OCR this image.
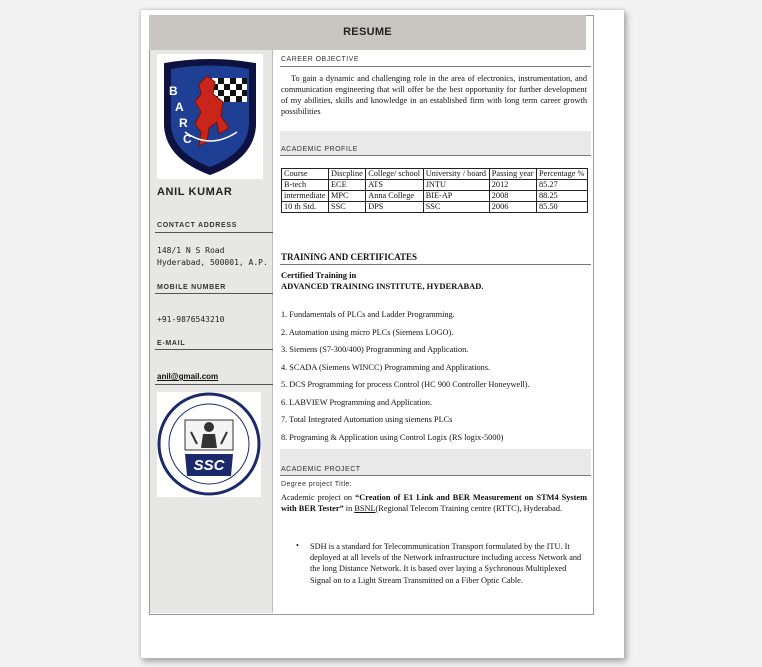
RESUME
B
A
R
C
ANIL KUMAR
CONTACT ADDRESS
148/1 N S Road
Hyderabad, 500001, A.P.
MOBILE NUMBER
+91-9876543210
E-MAIL
anil@gmail.com
SSC
CAREER OBJECTIVE
To gain a dynamic and challenging role in the area of electronics, instrumentation, and communication engineering that will offer be the best opportunity for further development of my abilities, skills and knowledge in an established firm with long term career growth possibilities
ACADEMIC PROFILE
Course	Discpline	College/ school	University / board	Passing year	Percentage %
B-tech	ECE	ATS	JNTU	2012	85.27
intermediate	MPC	Anna College	BIE-AP	2008	88.25
10 th Std.	SSC	DPS	SSC	2006	85.50
TRAINING AND CERTIFICATES
Certified Training in
ADVANCED TRAINING INSTITUTE, HYDERABAD.
1. Fundamentals of PLCs and Ladder Programming.
2. Automation using micro PLCs (Siemens LOGO).
3. Siemens (S7-300/400) Programming and Application.
4. SCADA (Siemens WINCC) Programming and Applications.
5. DCS Programming for process Control (HC 900 Controller Honeywell).
6. LABVIEW Programming and Application.
7. Total Integrated Automation using siemens PLCs
8. Programing & Application using Control Logix (RS logix-5000)
ACADEMIC PROJECT
Degree project Title:
Academic project on “Creation of E1 Link and BER Measurement on STM4 System with BER Tester” in BSNL(Regional Telecom Training centre (RTTC), Hyderabad.
• SDH is a standard for Telecommunication Transport formulated by the ITU. It deployed at all levels of the Network infrastructure including access Network and the long Distance Network. It is based over laying a Sychronous Multiplexed Signal on to a Light Stream Transmitted on a Fiber Optic Cable.
